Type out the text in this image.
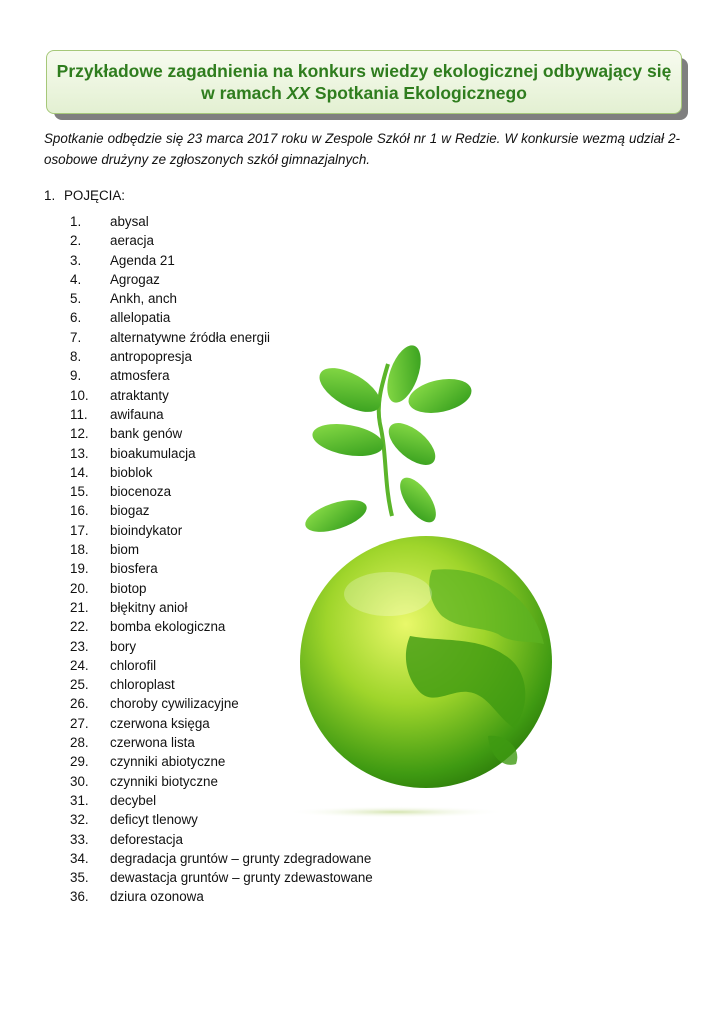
Przykładowe zagadnienia na konkurs wiedzy ekologicznej odbywający się
w ramach XX Spotkania Ekologicznego

Spotkanie odbędzie się 23 marca 2017 roku w Zespole Szkół nr 1 w Redzie. W konkursie wezmą udział 2-osobowe drużyny ze zgłoszonych szkół gimnazjalnych.

1. POJĘCIA:
1.	abysal
2.	aeracja
3.	Agenda 21
4.	Agrogaz
5.	Ankh, anch
6.	allelopatia
7.	alternatywne źródła energii
8.	antropopresja
9.	atmosfera
10.	atraktanty
11.	awifauna
12.	bank genów
13.	bioakumulacja
14.	bioblok
15.	biocenoza
16.	biogaz
17.	bioindykator
18.	biom
19.	biosfera
20.	biotop
21.	błękitny anioł
22.	bomba ekologiczna
23.	bory
24.	chlorofil
25.	chloroplast
26.	choroby cywilizacyjne
27.	czerwona księga
28.	czerwona lista
29.	czynniki abiotyczne
30.	czynniki biotyczne
31.	decybel
32.	deficyt tlenowy
33.	deforestacja
34.	degradacja gruntów – grunty zdegradowane
35.	dewastacja gruntów – grunty zdewastowane
36.	dziura ozonowa
